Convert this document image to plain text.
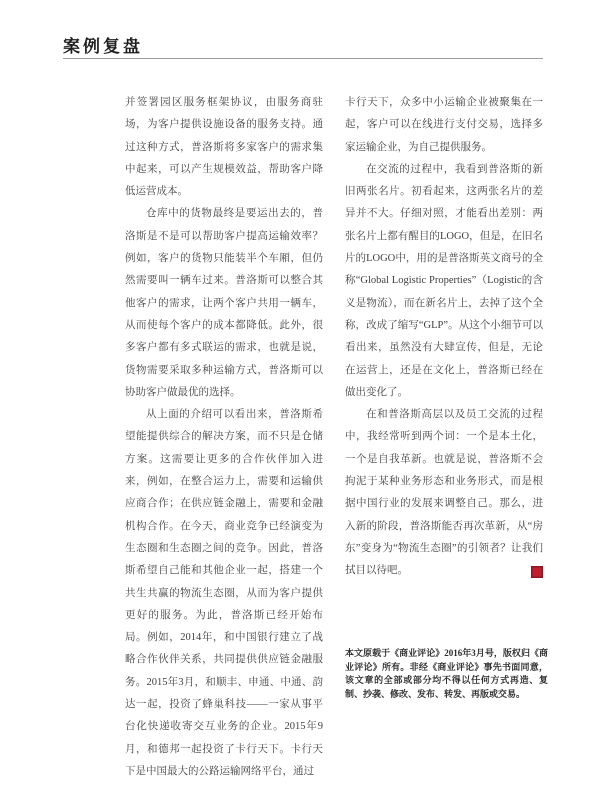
案例复盘

并签署园区服务框架协议，由服务商驻场，为客户提供设施设备的服务支持。通过这种方式，普洛斯将多家客户的需求集中起来，可以产生规模效益，帮助客户降低运营成本。

仓库中的货物最终是要运出去的，普洛斯是不是可以帮助客户提高运输效率？例如，客户的货物只能装半个车厢，但仍然需要叫一辆车过来。普洛斯可以整合其他客户的需求，让两个客户共用一辆车，从而使每个客户的成本都降低。此外，很多客户都有多式联运的需求，也就是说，货物需要采取多种运输方式，普洛斯可以协助客户做最优的选择。

从上面的介绍可以看出来，普洛斯希望能提供综合的解决方案，而不只是仓储方案。这需要让更多的合作伙伴加入进来，例如，在整合运力上，需要和运输供应商合作；在供应链金融上，需要和金融机构合作。在今天，商业竞争已经演变为生态圈和生态圈之间的竞争。因此，普洛斯希望自己能和其他企业一起，搭建一个共生共赢的物流生态圈，从而为客户提供更好的服务。为此，普洛斯已经开始布局。例如，2014年，和中国银行建立了战略合作伙伴关系，共同提供供应链金融服务。2015年3月，和顺丰、申通、中通、韵达一起，投资了蜂巢科技——一家从事平台化快递收寄交互业务的企业。2015年9月，和德邦一起投资了卡行天下。卡行天下是中国最大的公路运输网络平台，通过

卡行天下，众多中小运输企业被聚集在一起，客户可以在线进行支付交易，选择多家运输企业，为自己提供服务。

在交流的过程中，我看到普洛斯的新旧两张名片。初看起来，这两张名片的差异并不大。仔细对照，才能看出差别：两张名片上都有醒目的LOGO，但是，在旧名片的LOGO中，用的是普洛斯英文商号的全称“Global Logistic Properties”（Logistic的含义是物流），而在新名片上，去掉了这个全称，改成了缩写“GLP”。从这个小细节可以看出来，虽然没有大肆宣传，但是，无论在运营上，还是在文化上，普洛斯已经在做出变化了。

在和普洛斯高层以及员工交流的过程中，我经常听到两个词：一个是本土化，一个是自我革新。也就是说，普洛斯不会拘泥于某种业务形态和业务形式，而是根据中国行业的发展来调整自己。那么，进入新的阶段，普洛斯能否再次革新，从“房东”变身为“物流生态圈”的引领者？让我们拭目以待吧。

本文原载于《商业评论》2016年3月号，版权归《商业评论》所有。非经《商业评论》事先书面同意，该文章的全部或部分均不得以任何方式再造、复制、抄袭、修改、发布、转发、再版或交易。
